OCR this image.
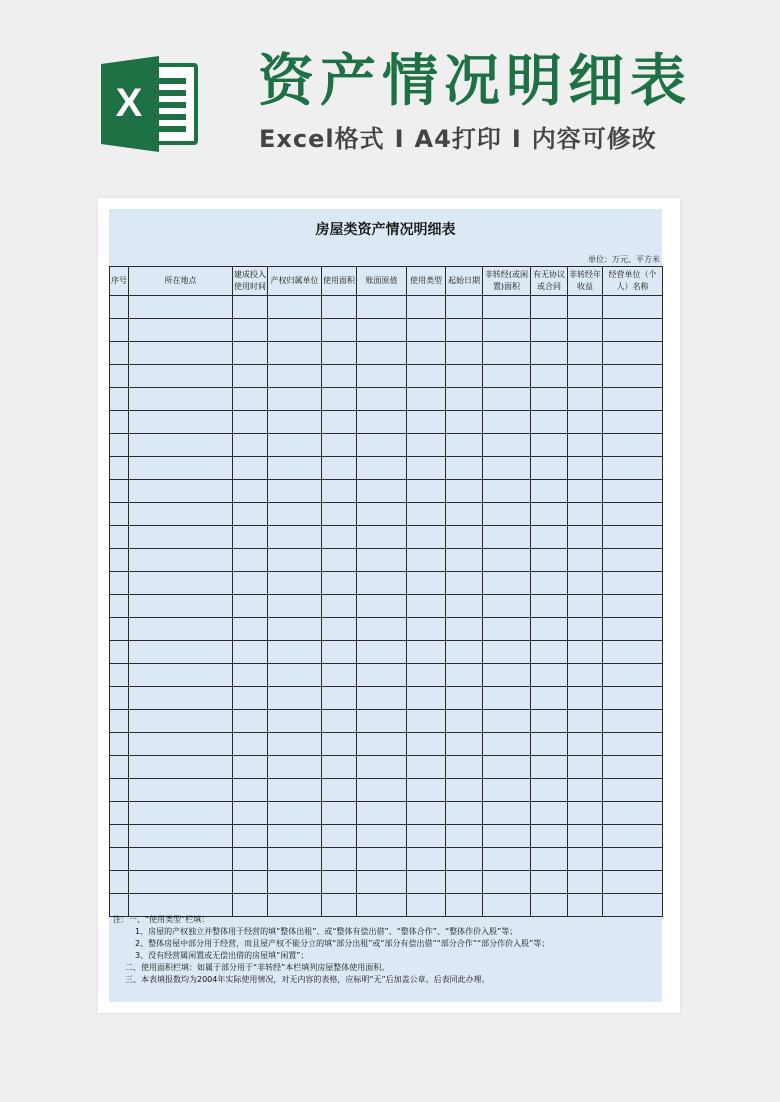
X 资产情况明细表
Excel格式 I A4打印 I 内容可修改
房屋类资产情况明细表
单位：万元、平方米
序号	所在地点	建成投入使用时间	产权归属单位	使用面积	账面原值	使用类型	起始日期	非转经(或闲置)面积	有无协议或合同	非转经年收益	经营单位（个人）名称

注：一、“使用类型”栏填：
1、房屋的产权独立并整体用于经营的填“整体出租”、或“整体有偿出借”、“整体合作”、“整体作价入股”等；
2、整体房屋中部分用于经营，而且屋产权不能分立的填“部分出租”或“部分有偿出借”“部分合作”“部分作价入股”等；
3、没有经营属闲置或无偿出借的房屋填“闲置”；
二、使用面积栏填：如属于部分用于“非转经”本栏填列房屋整体使用面积。
三、本表填报数均为2004年实际使用情况，对无内容的表格，应标明“无”后加盖公章。后表同此办理。
